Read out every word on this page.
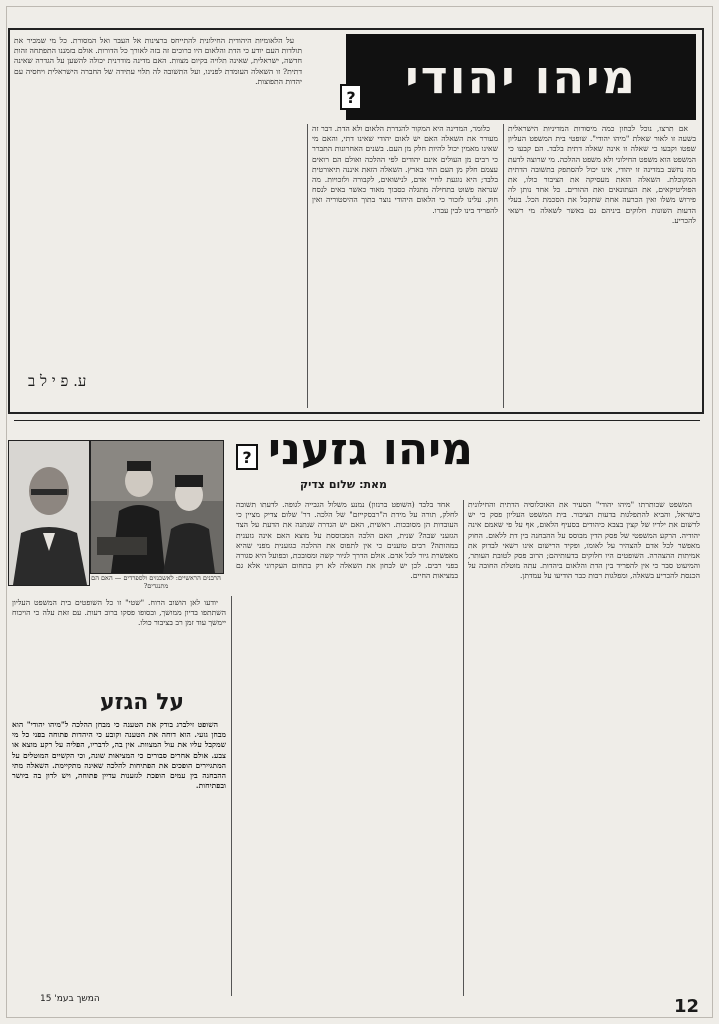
מיהו יהודי
?
אם תרצו, נוכל לבחון כמה מיסודות המדיניות הישראלית בשעה זו לאור שאלת "מיהו יהודי". שופטי בית המשפט העליון שפטו וקבעו כי שאלה זו אינה שאלה דתית בלבד. הם קבעו כי המשפט הוא משפט החילוני ולא משפט ההלכה. מי שרוצה לדעת מה נחשב במדינה זו יהודי, אינו יכול להסתפק בתשובה הדתית המקובלת. השאלה הזאת מעסיקה את הציבור כולו, את הפוליטיקאים, את העתונאים ואת ההורים. כל אחד נותן לה פירוש משלו ואין הכרעה אחת שתקבל את הסכמת הכל. בעלי הדעות השונות חלוקים ביניהם גם באשר לשאלה מי רשאי להכריע.
כלומר, המדינה היא המקור להגדרת הלאום ולא הדת. דבר זה מעורר את השאלה האם יש לאום יהודי שאינו דתי, והאם מי שאינו מאמין יכול להיות חלק מן העם. בשנים האחרונות התברר כי רבים מן העולים אינם יהודים לפי ההלכה ואולם הם רואים עצמם חלק מן העם החי בארץ. השאלה הזאת איננה תיאורטית בלבד; היא נוגעת לחיי אדם, לנישואים, לקבורה ולזכויות. מה שנראה פשוט בתחילה מתגלה כסבוך מאוד כאשר באים לנסח חוק. עלינו לזכור כי הלאום היהודי נוצר בתוך ההיסטוריה ואין להפריד בינו לבין עברו.
על הלאומיות היהודית החילונית להתייחס ברצינות אל העבר ואל המסורת. כל מי שמכיר את תולדות העם יודע כי הדת והלאום היו כרוכים זה בזה לאורך כל הדורות. אולם בזמננו התפתחה זהות חדשה, ישראלית, שאינה תלויה בקיום מצוות. האם מדינה מודרנית יכולה להשען על הגדרה שאינה דתית? זו השאלה העומדת לפנינו, ועל התשובה לה תלוי עתידה של החברה הישראלית ויחסיה עם יהדות התפוצות.
ע. פ י ל ב
מיהו גזעני
?
מאת: שלום צדיק
הרבנים הראשיים: לאשכנזים ולספרדים — האם הם מתנגדים?
המשפט שכותרתו "מיהו יהודי" הסעיר את האוכלוסיה הדתית והחילונית בישראל, והביא להתפלגות בדעות הציבור. בית המשפט העליון פסק כי יש לרשום את ילדיו של קצין בצבא כיהודים בסעיף הלאום, אף על פי שאמם אינה יהודיה. הרקע המשפטי של פסק הדין מבוסס על ההבחנה בין דת ללאום. החוק מאפשר לכל אדם להצהיר על לאומו, ופקיד הרישום אינו רשאי לבדוק את אמיתות ההצהרה. השופטים היו חלוקים בדעותיהם; הרוב פסק לטובת העותר, והמיעוט סבר כי אין להפריד בין הדת והלאום ביהדות. עתה מוטלת החובה על הכנסת להכריע בשאלה, ומפלגות רבות כבר הודיעו על עמדתן.
אחד בלבד (השופט ברנזון) נמנע משלול הגבייה לגופה. לדעתו תשובה לחלק, תורה על מידת ה"רבסקייזם" של הלכה. דר' שלום צדיק מציין כי העובדות הן מסובכות. ראשית, האם יש הגדרה שנתנה את הדעת על הצד הגזעני שבה? שנית, האם הלכה המבוססת על מוצא האם אינה גזענית במהותה? רבים טוענים כי אין לתפוס את ההלכה כגזענית מפני שהיא מאפשרת גיור לכל אדם. אולם הדרך לגיור קשה ומסובכת, ובפועל היא סגורה בפני רבים. לכן יש לבחון את השאלה לא רק בתחום העקרוני אלא גם במציאות החיים.
יודעו לאן הושוב הרוח. "שטי" זו כל השופטים בית המשפט העליון השתתפו בדיון ממושך, ובסופו פסקו ברוב דעות. עם זאת עלה כי הויכוח יימשך עוד זמן רב בציבור כולו.
על הגזע
השופט זילברג בודק את הטענה כי מבחן ההלכה ל"מיהו יהודי" הוא מבחן גזעי. הוא דוחה את הטענה וקובע כי היהדות פתוחה בפני כל מי שמקבל עליו את עול המצוות. אין בה, לדבריו, הפליה על רקע מוצא או צבע. אולם אחרים סבורים כי המציאות שונה, וכי הקשיים המוטלים על המתגיירים הופכים את הפתיחות להלכה שאינה מתקיימת. השאלה מתי ההבחנה בין עמים הופכת לגזענות עדיין פתוחה, ויש לדון בה ביושר ובפתיחות.
המשך בעמ' 15	12
